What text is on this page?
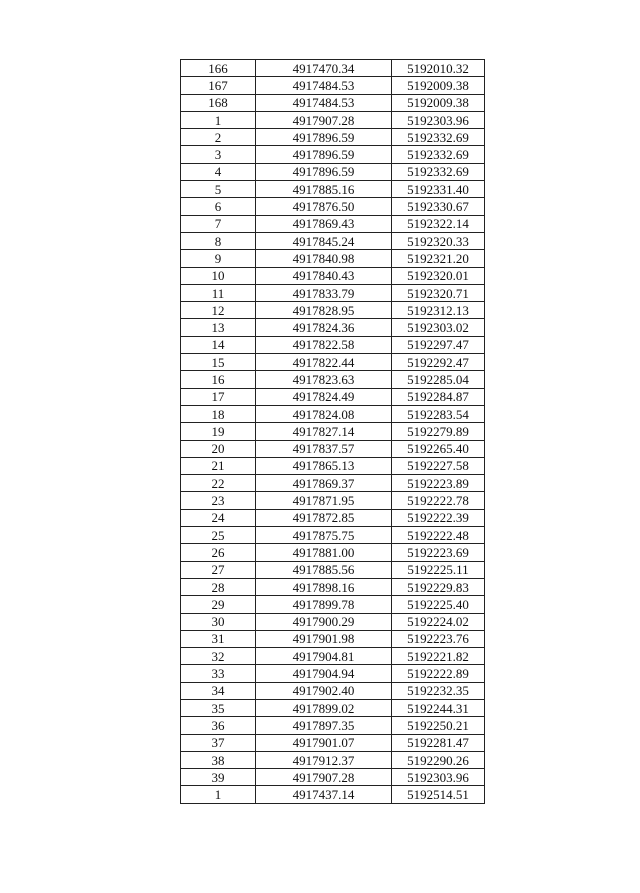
166	4917470.34	5192010.32
167	4917484.53	5192009.38
168	4917484.53	5192009.38
1	4917907.28	5192303.96
2	4917896.59	5192332.69
3	4917896.59	5192332.69
4	4917896.59	5192332.69
5	4917885.16	5192331.40
6	4917876.50	5192330.67
7	4917869.43	5192322.14
8	4917845.24	5192320.33
9	4917840.98	5192321.20
10	4917840.43	5192320.01
11	4917833.79	5192320.71
12	4917828.95	5192312.13
13	4917824.36	5192303.02
14	4917822.58	5192297.47
15	4917822.44	5192292.47
16	4917823.63	5192285.04
17	4917824.49	5192284.87
18	4917824.08	5192283.54
19	4917827.14	5192279.89
20	4917837.57	5192265.40
21	4917865.13	5192227.58
22	4917869.37	5192223.89
23	4917871.95	5192222.78
24	4917872.85	5192222.39
25	4917875.75	5192222.48
26	4917881.00	5192223.69
27	4917885.56	5192225.11
28	4917898.16	5192229.83
29	4917899.78	5192225.40
30	4917900.29	5192224.02
31	4917901.98	5192223.76
32	4917904.81	5192221.82
33	4917904.94	5192222.89
34	4917902.40	5192232.35
35	4917899.02	5192244.31
36	4917897.35	5192250.21
37	4917901.07	5192281.47
38	4917912.37	5192290.26
39	4917907.28	5192303.96
1	4917437.14	5192514.51
